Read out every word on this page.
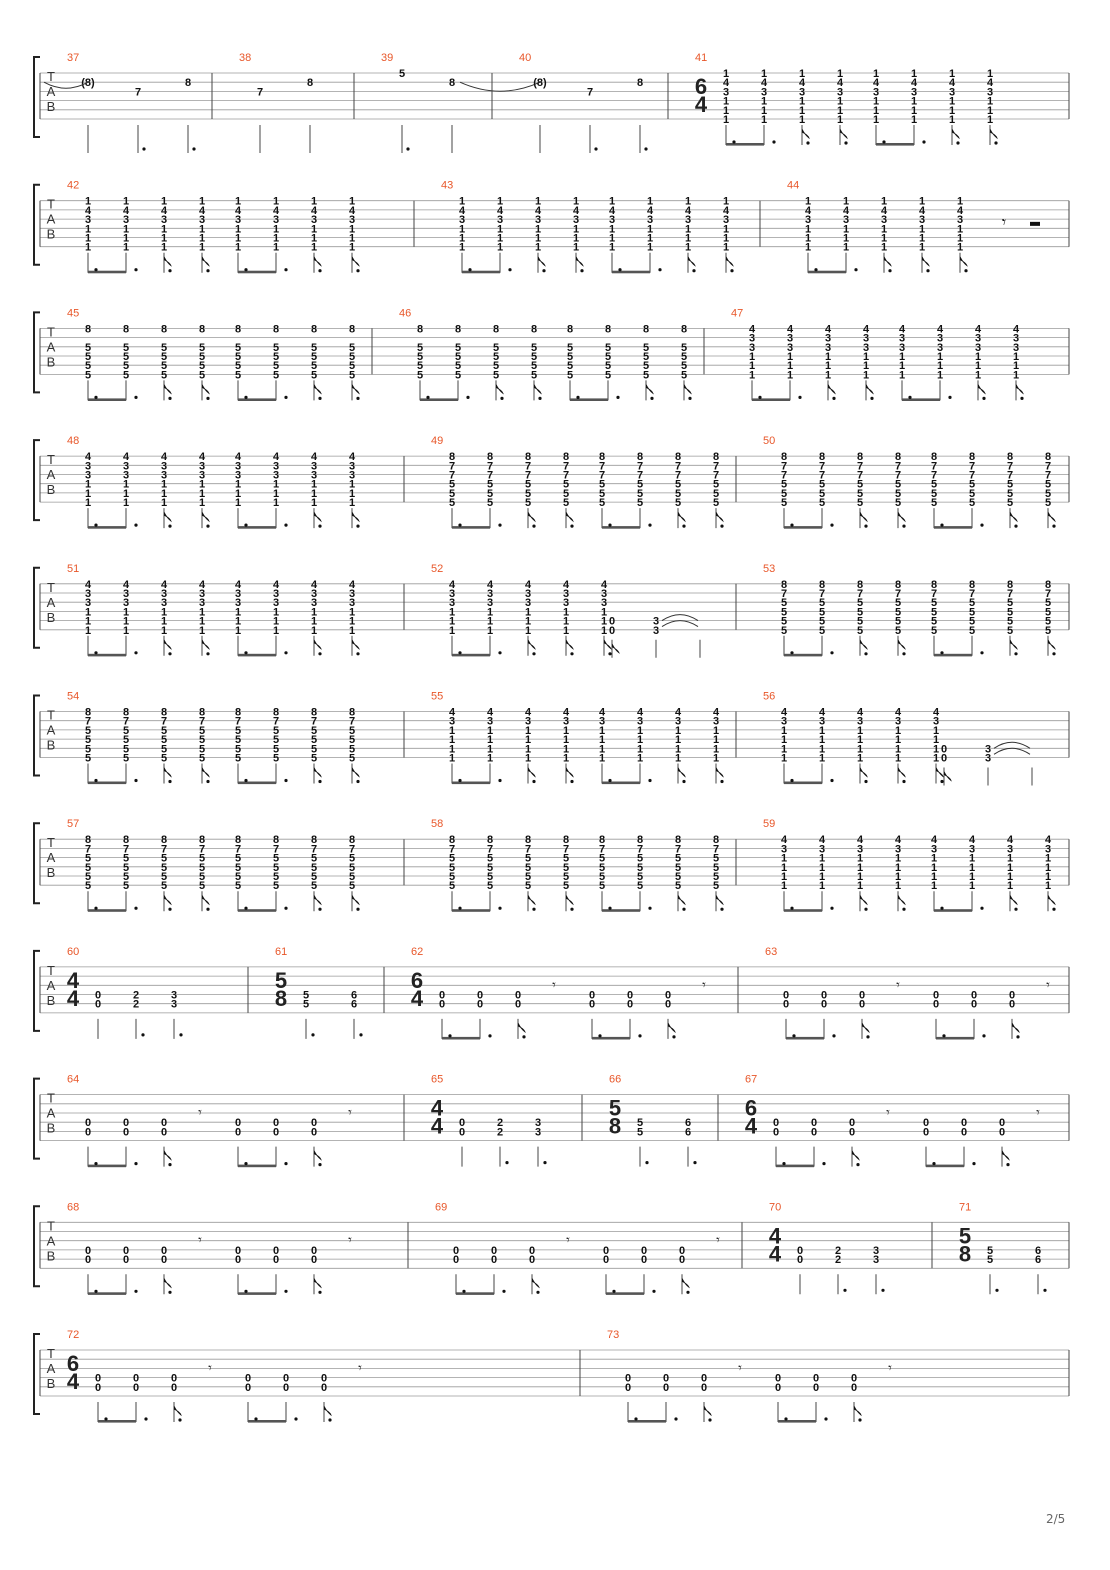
T
A
B
37
(8)
7
8
38
7
8
39
5
8
40
(8)
7
8
41
6
4
1
4
3
1
1
1
1
4
3
1
1
1
1
4
3
1
1
1
1
4
3
1
1
1
1
4
3
1
1
1
1
4
3
1
1
1
1
4
3
1
1
1
1
4
3
1
1
1
T
A
B
42
1
4
3
1
1
1
1
4
3
1
1
1
1
4
3
1
1
1
1
4
3
1
1
1
1
4
3
1
1
1
1
4
3
1
1
1
1
4
3
1
1
1
1
4
3
1
1
1
43
1
4
3
1
1
1
1
4
3
1
1
1
1
4
3
1
1
1
1
4
3
1
1
1
1
4
3
1
1
1
1
4
3
1
1
1
1
4
3
1
1
1
1
4
3
1
1
1
44
1
4
3
1
1
1
1
4
3
1
1
1
1
4
3
1
1
1
1
4
3
1
1
1
1
4
3
1
1
1
𝄾
T
A
B
45
8
5
5
5
5
8
5
5
5
5
8
5
5
5
5
8
5
5
5
5
8
5
5
5
5
8
5
5
5
5
8
5
5
5
5
8
5
5
5
5
46
8
5
5
5
5
8
5
5
5
5
8
5
5
5
5
8
5
5
5
5
8
5
5
5
5
8
5
5
5
5
8
5
5
5
5
8
5
5
5
5
47
4
3
3
1
1
1
4
3
3
1
1
1
4
3
3
1
1
1
4
3
3
1
1
1
4
3
3
1
1
1
4
3
3
1
1
1
4
3
3
1
1
1
4
3
3
1
1
1
T
A
B
48
4
3
3
1
1
1
4
3
3
1
1
1
4
3
3
1
1
1
4
3
3
1
1
1
4
3
3
1
1
1
4
3
3
1
1
1
4
3
3
1
1
1
4
3
3
1
1
1
49
8
7
7
5
5
5
8
7
7
5
5
5
8
7
7
5
5
5
8
7
7
5
5
5
8
7
7
5
5
5
8
7
7
5
5
5
8
7
7
5
5
5
8
7
7
5
5
5
50
8
7
7
5
5
5
8
7
7
5
5
5
8
7
7
5
5
5
8
7
7
5
5
5
8
7
7
5
5
5
8
7
7
5
5
5
8
7
7
5
5
5
8
7
7
5
5
5
T
A
B
51
4
3
3
1
1
1
4
3
3
1
1
1
4
3
3
1
1
1
4
3
3
1
1
1
4
3
3
1
1
1
4
3
3
1
1
1
4
3
3
1
1
1
4
3
3
1
1
1
52
4
3
3
1
1
1
4
3
3
1
1
1
4
3
3
1
1
1
4
3
3
1
1
1
4
3
3
1
1
1
0
0
3
3
53
8
7
5
5
5
5
8
7
5
5
5
5
8
7
5
5
5
5
8
7
5
5
5
5
8
7
5
5
5
5
8
7
5
5
5
5
8
7
5
5
5
5
8
7
5
5
5
5
T
A
B
54
8
7
5
5
5
5
8
7
5
5
5
5
8
7
5
5
5
5
8
7
5
5
5
5
8
7
5
5
5
5
8
7
5
5
5
5
8
7
5
5
5
5
8
7
5
5
5
5
55
4
3
1
1
1
1
4
3
1
1
1
1
4
3
1
1
1
1
4
3
1
1
1
1
4
3
1
1
1
1
4
3
1
1
1
1
4
3
1
1
1
1
4
3
1
1
1
1
56
4
3
1
1
1
1
4
3
1
1
1
1
4
3
1
1
1
1
4
3
1
1
1
1
4
3
1
1
1
1
0
0
3
3
T
A
B
57
8
7
5
5
5
5
8
7
5
5
5
5
8
7
5
5
5
5
8
7
5
5
5
5
8
7
5
5
5
5
8
7
5
5
5
5
8
7
5
5
5
5
8
7
5
5
5
5
58
8
7
5
5
5
5
8
7
5
5
5
5
8
7
5
5
5
5
8
7
5
5
5
5
8
7
5
5
5
5
8
7
5
5
5
5
8
7
5
5
5
5
8
7
5
5
5
5
59
4
3
1
1
1
1
4
3
1
1
1
1
4
3
1
1
1
1
4
3
1
1
1
1
4
3
1
1
1
1
4
3
1
1
1
1
4
3
1
1
1
1
4
3
1
1
1
1
T
A
B
60
4
4 0
0
2
2
3
3
61
5
8 5
5
6
6
62
6
4 0
0
0
0
0
0
0
0
0
0
0
0
𝄾	𝄾
63
0
0
0
0
0
0
0
0
0
0
0
0
𝄾	𝄾
T
A
B
64
0
0
0
0
0
0
0
0
0
0
0
0
𝄾	𝄾
65
4
4 0
0
2
2
3
3
66
5
8 5
5
6
6
67
6
4 0
0
0
0
0
0
0
0
0
0
0
0
𝄾	𝄾
T
A
B
68
0
0
0
0
0
0
0
0
0
0
0
0
𝄾	𝄾
69
0
0
0
0
0
0
0
0
0
0
0
0
𝄾	𝄾
70
4
4 0
0
2
2
3
3
71
5
8 5
5
6
6
T
A
B
72
6
4 0
0
0
0
0
0
0
0
0
0
0
0
𝄾	𝄾
73
0
0
0
0
0
0
0
0
0
0
0
0
𝄾	𝄾
2/5
